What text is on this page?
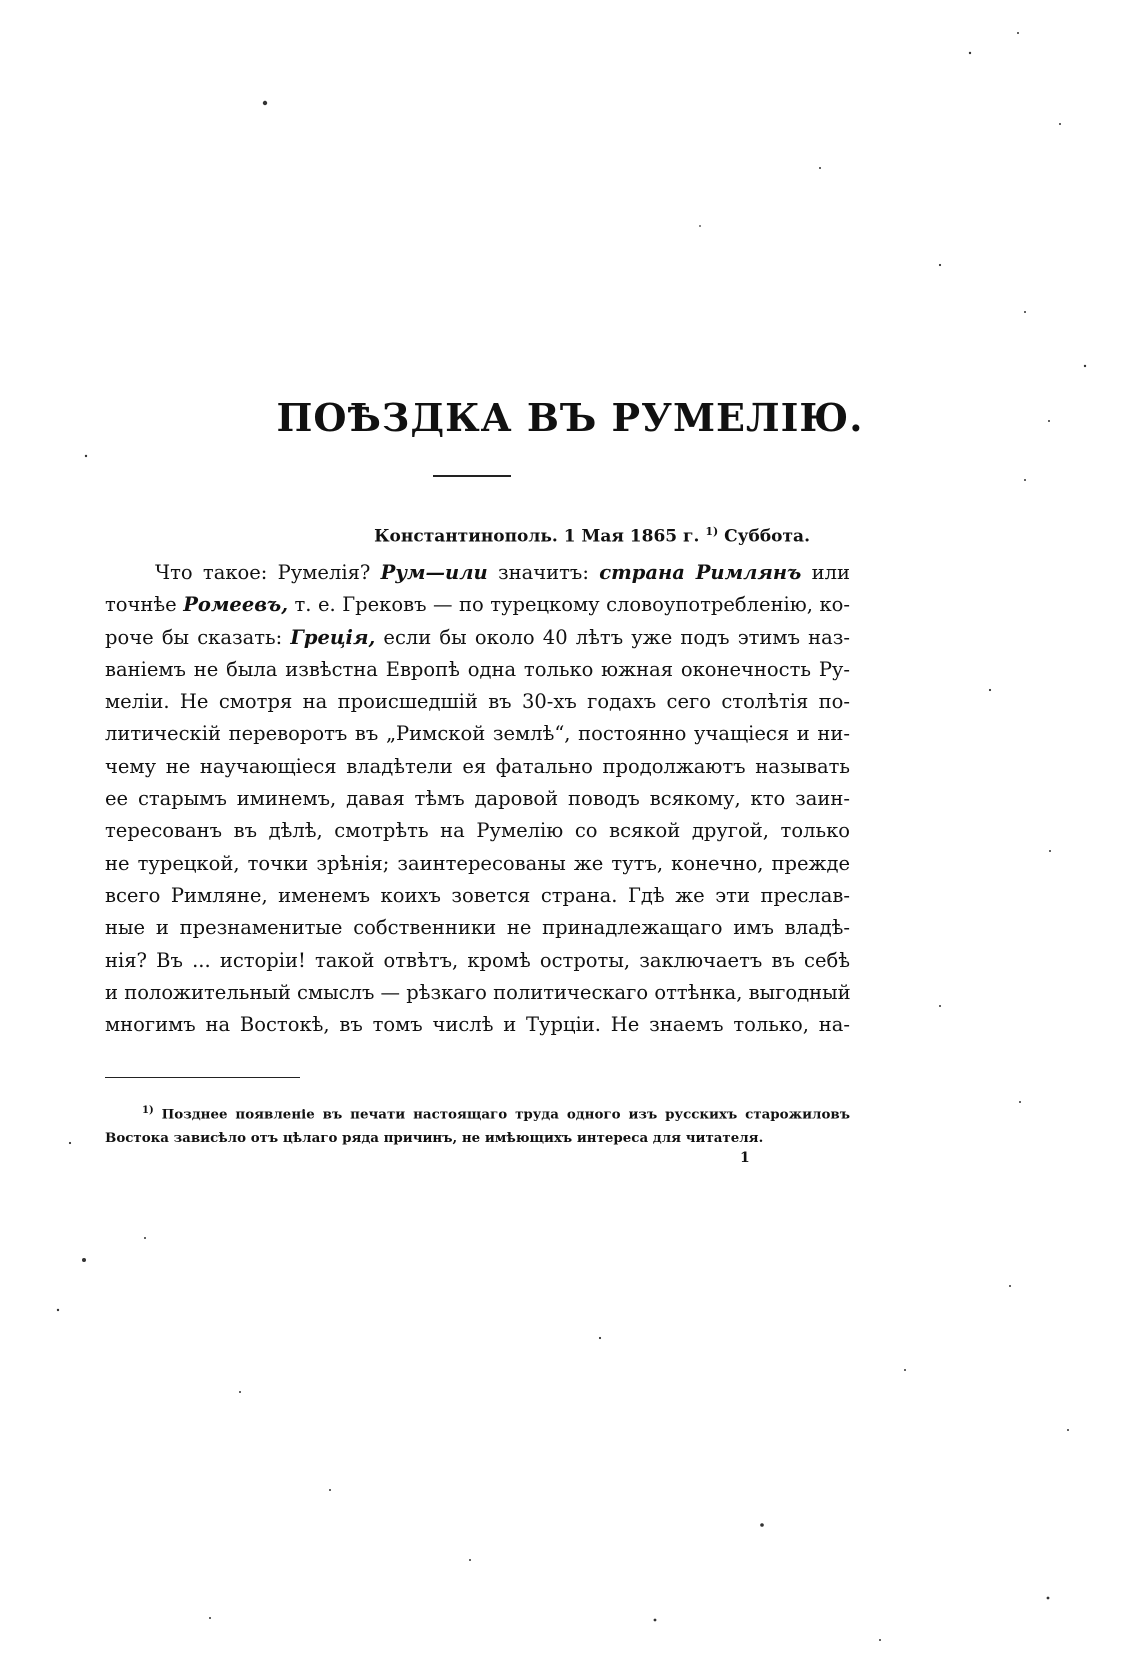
ПОѢЗДКА ВЪ РУМЕЛІЮ.
Константинополь. 1 Мая 1865 г. $^{1)}$ Суббота.
Что такое: Румелія? Рум—или значитъ: страна Римлянъ или
точнѣе Ромеевъ, т. е. Грековъ — по турецкому словоупотребленію, ко-
роче бы сказать: Греція, если бы около 40 лѣтъ уже подъ этимъ наз-
ваніемъ не была извѣстна Европѣ одна только южная оконечность Ру-
меліи. Не смотря на происшедшій въ 30-хъ годахъ сего столѣтія по-
литическій переворотъ въ „Римской землѣ“, постоянно учащіеся и ни-
чему не научающіеся владѣтели ея фатально продолжаютъ называть
ее старымъ иминемъ, давая тѣмъ даровой поводъ всякому, кто заин-
тересованъ въ дѣлѣ, смотрѣть на Румелію со всякой другой, только
не турецкой, точки зрѣнія; заинтересованы же тутъ, конечно, прежде
всего Римляне, именемъ коихъ зовется страна. Гдѣ же эти преслав-
ные и презнаменитые собственники не принадлежащаго имъ владѣ-
нія? Въ ... исторіи! такой отвѣтъ, кромѣ остроты, заключаетъ въ себѣ
и положительный смыслъ — рѣзкаго политическаго оттѣнка, выгодный
многимъ на Востокѣ, въ томъ числѣ и Турціи. Не знаемъ только, на-
$^{1)}$ Позднее появленіе въ печати настоящаго труда одного изъ русскихъ старожиловъ
Востока зависѣло отъ цѣлаго ряда причинъ, не имѣющихъ интереса для читателя.
1
